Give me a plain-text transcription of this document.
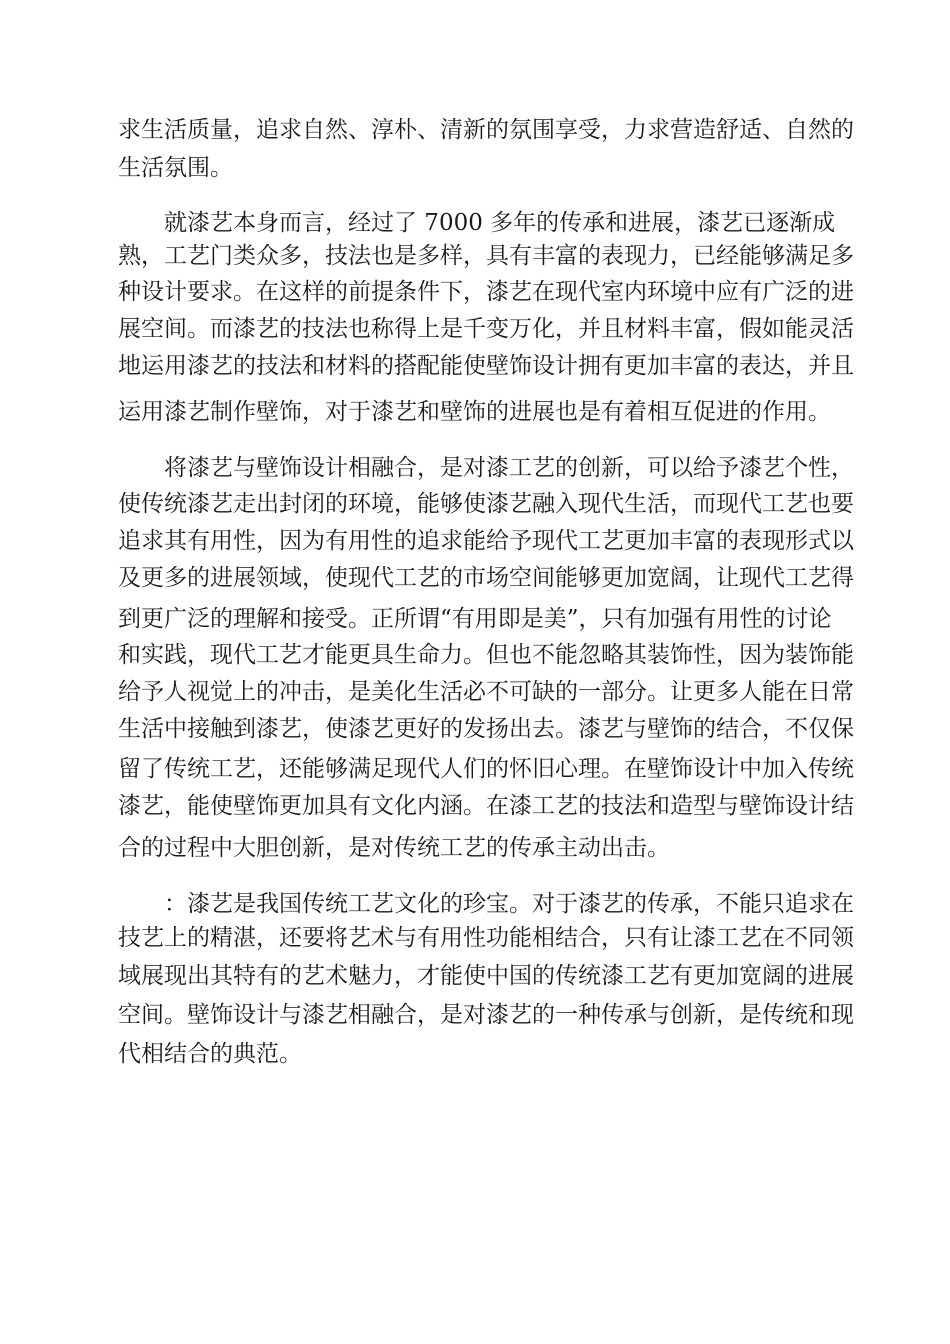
求生活质量，追求自然、淳朴、清新的氛围享受，力求营造舒适、自然的

生活氛围。

就漆艺本身而言，经过了 7000 多年的传承和进展，漆艺已逐渐成

熟，工艺门类众多，技法也是多样，具有丰富的表现力，已经能够满足多

种设计要求。在这样的前提条件下，漆艺在现代室内环境中应有广泛的进

展空间。而漆艺的技法也称得上是千变万化，并且材料丰富，假如能灵活

地运用漆艺的技法和材料的搭配能使壁饰设计拥有更加丰富的表达，并且

运用漆艺制作壁饰，对于漆艺和壁饰的进展也是有着相互促进的作用。

将漆艺与壁饰设计相融合，是对漆工艺的创新，可以给予漆艺个性，

使传统漆艺走出封闭的环境，能够使漆艺融入现代生活，而现代工艺也要

追求其有用性，因为有用性的追求能给予现代工艺更加丰富的表现形式以

及更多的进展领域，使现代工艺的市场空间能够更加宽阔，让现代工艺得

到更广泛的理解和接受。正所谓“有用即是美”，只有加强有用性的讨论

和实践，现代工艺才能更具生命力。但也不能忽略其装饰性，因为装饰能

给予人视觉上的冲击，是美化生活必不可缺的一部分。让更多人能在日常

生活中接触到漆艺，使漆艺更好的发扬出去。漆艺与壁饰的结合，不仅保

留了传统工艺，还能够满足现代人们的怀旧心理。在壁饰设计中加入传统

漆艺，能使壁饰更加具有文化内涵。在漆工艺的技法和造型与壁饰设计结

合的过程中大胆创新，是对传统工艺的传承主动出击。

：漆艺是我国传统工艺文化的珍宝。对于漆艺的传承，不能只追求在

技艺上的精湛，还要将艺术与有用性功能相结合，只有让漆工艺在不同领

域展现出其特有的艺术魅力，才能使中国的传统漆工艺有更加宽阔的进展

空间。壁饰设计与漆艺相融合，是对漆艺的一种传承与创新，是传统和现

代相结合的典范。
